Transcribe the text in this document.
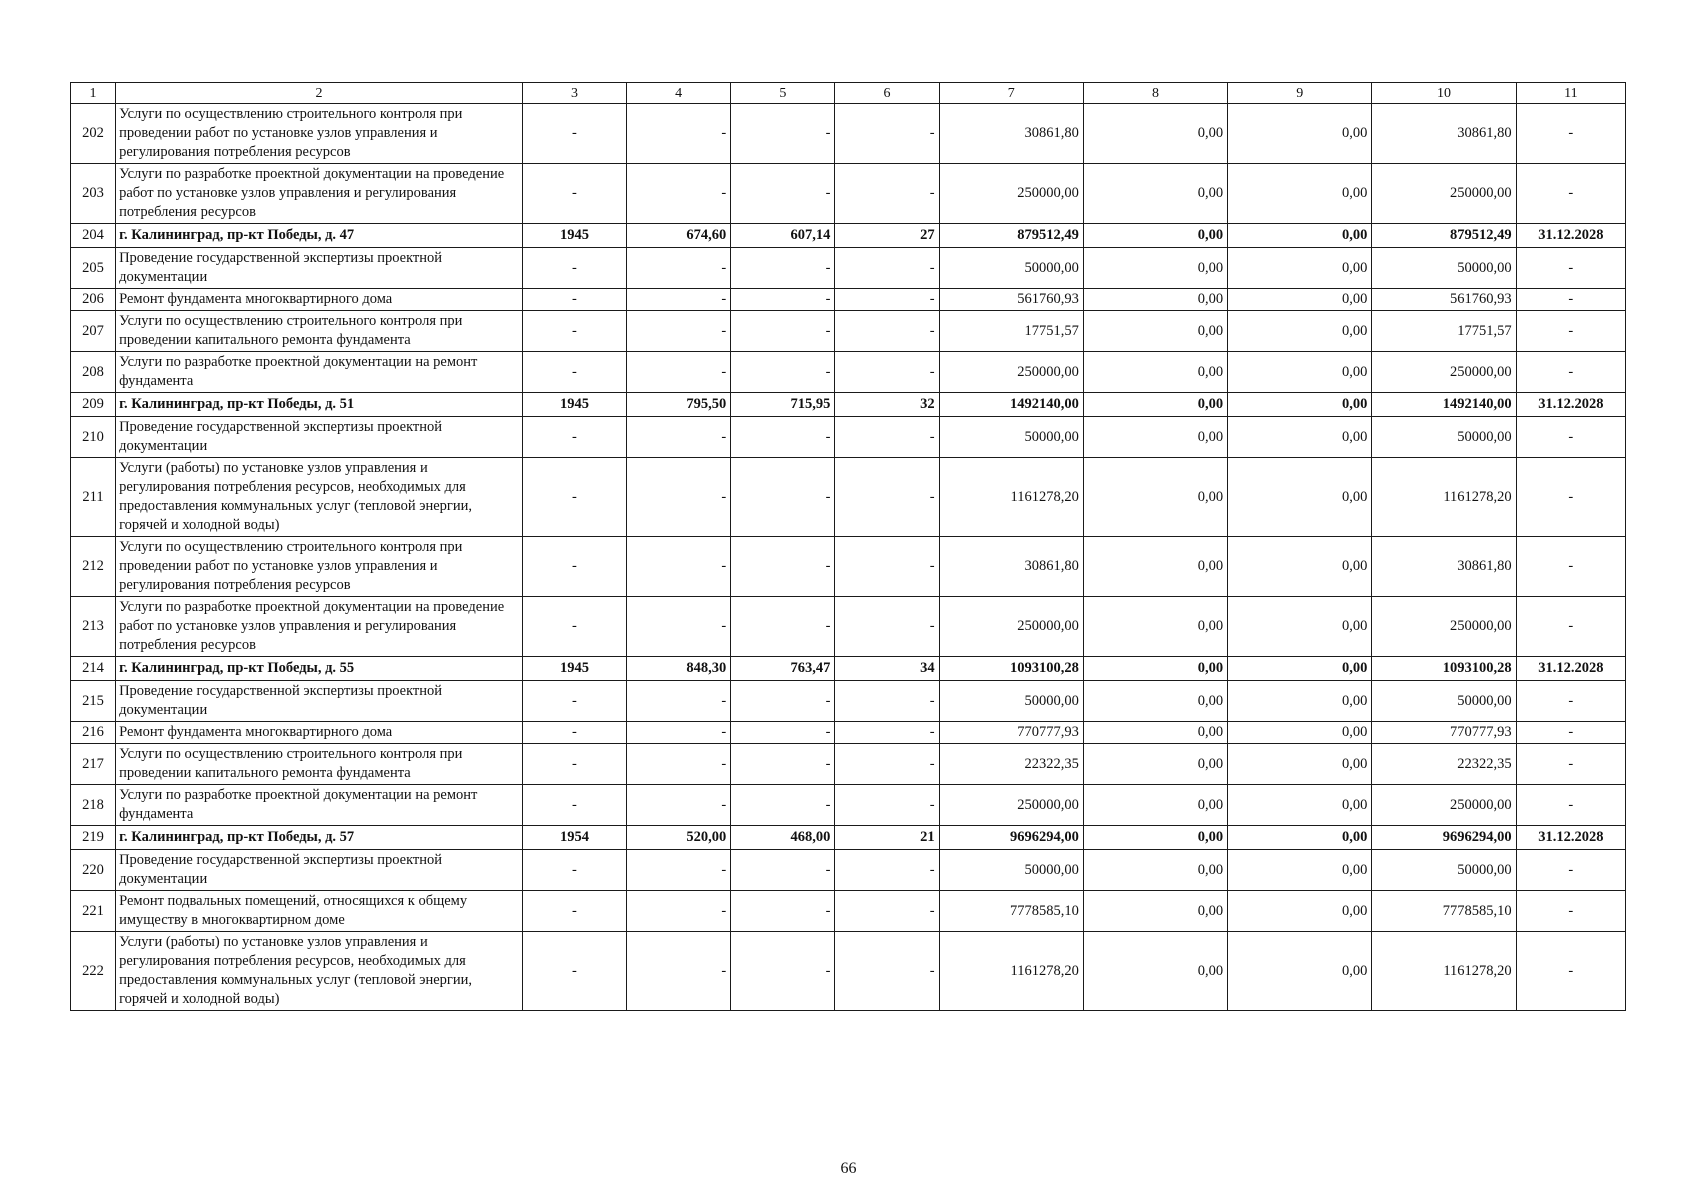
1	2	3	4	5	6	7	8	9	10	11
202	Услуги по осуществлению строительного контроля при проведении работ по установке узлов управления и регулирования потребления ресурсов	-	-	-	-	30861,80	0,00	0,00	30861,80	-
203	Услуги по разработке проектной документации на проведение работ по установке узлов управления и регулирования потребления ресурсов	-	-	-	-	250000,00	0,00	0,00	250000,00	-
204	г. Калининград, пр-кт Победы, д. 47	1945	674,60	607,14	27	879512,49	0,00	0,00	879512,49	31.12.2028
205	Проведение государственной экспертизы проектной документации	-	-	-	-	50000,00	0,00	0,00	50000,00	-
206	Ремонт фундамента многоквартирного дома	-	-	-	-	561760,93	0,00	0,00	561760,93	-
207	Услуги по осуществлению строительного контроля при проведении капитального ремонта фундамента	-	-	-	-	17751,57	0,00	0,00	17751,57	-
208	Услуги по разработке проектной документации на ремонт фундамента	-	-	-	-	250000,00	0,00	0,00	250000,00	-
209	г. Калининград, пр-кт Победы, д. 51	1945	795,50	715,95	32	1492140,00	0,00	0,00	1492140,00	31.12.2028
210	Проведение государственной экспертизы проектной документации	-	-	-	-	50000,00	0,00	0,00	50000,00	-
211	Услуги (работы) по установке узлов управления и регулирования потребления ресурсов, необходимых для предоставления коммунальных услуг (тепловой энергии, горячей и холодной воды)	-	-	-	-	1161278,20	0,00	0,00	1161278,20	-
212	Услуги по осуществлению строительного контроля при проведении работ по установке узлов управления и регулирования потребления ресурсов	-	-	-	-	30861,80	0,00	0,00	30861,80	-
213	Услуги по разработке проектной документации на проведение работ по установке узлов управления и регулирования потребления ресурсов	-	-	-	-	250000,00	0,00	0,00	250000,00	-
214	г. Калининград, пр-кт Победы, д. 55	1945	848,30	763,47	34	1093100,28	0,00	0,00	1093100,28	31.12.2028
215	Проведение государственной экспертизы проектной документации	-	-	-	-	50000,00	0,00	0,00	50000,00	-
216	Ремонт фундамента многоквартирного дома	-	-	-	-	770777,93	0,00	0,00	770777,93	-
217	Услуги по осуществлению строительного контроля при проведении капитального ремонта фундамента	-	-	-	-	22322,35	0,00	0,00	22322,35	-
218	Услуги по разработке проектной документации на ремонт фундамента	-	-	-	-	250000,00	0,00	0,00	250000,00	-
219	г. Калининград, пр-кт Победы, д. 57	1954	520,00	468,00	21	9696294,00	0,00	0,00	9696294,00	31.12.2028
220	Проведение государственной экспертизы проектной документации	-	-	-	-	50000,00	0,00	0,00	50000,00	-
221	Ремонт подвальных помещений, относящихся к общему имуществу в многоквартирном доме	-	-	-	-	7778585,10	0,00	0,00	7778585,10	-
222	Услуги (работы) по установке узлов управления и регулирования потребления ресурсов, необходимых для предоставления коммунальных услуг (тепловой энергии, горячей и холодной воды)	-	-	-	-	1161278,20	0,00	0,00	1161278,20	-
66
